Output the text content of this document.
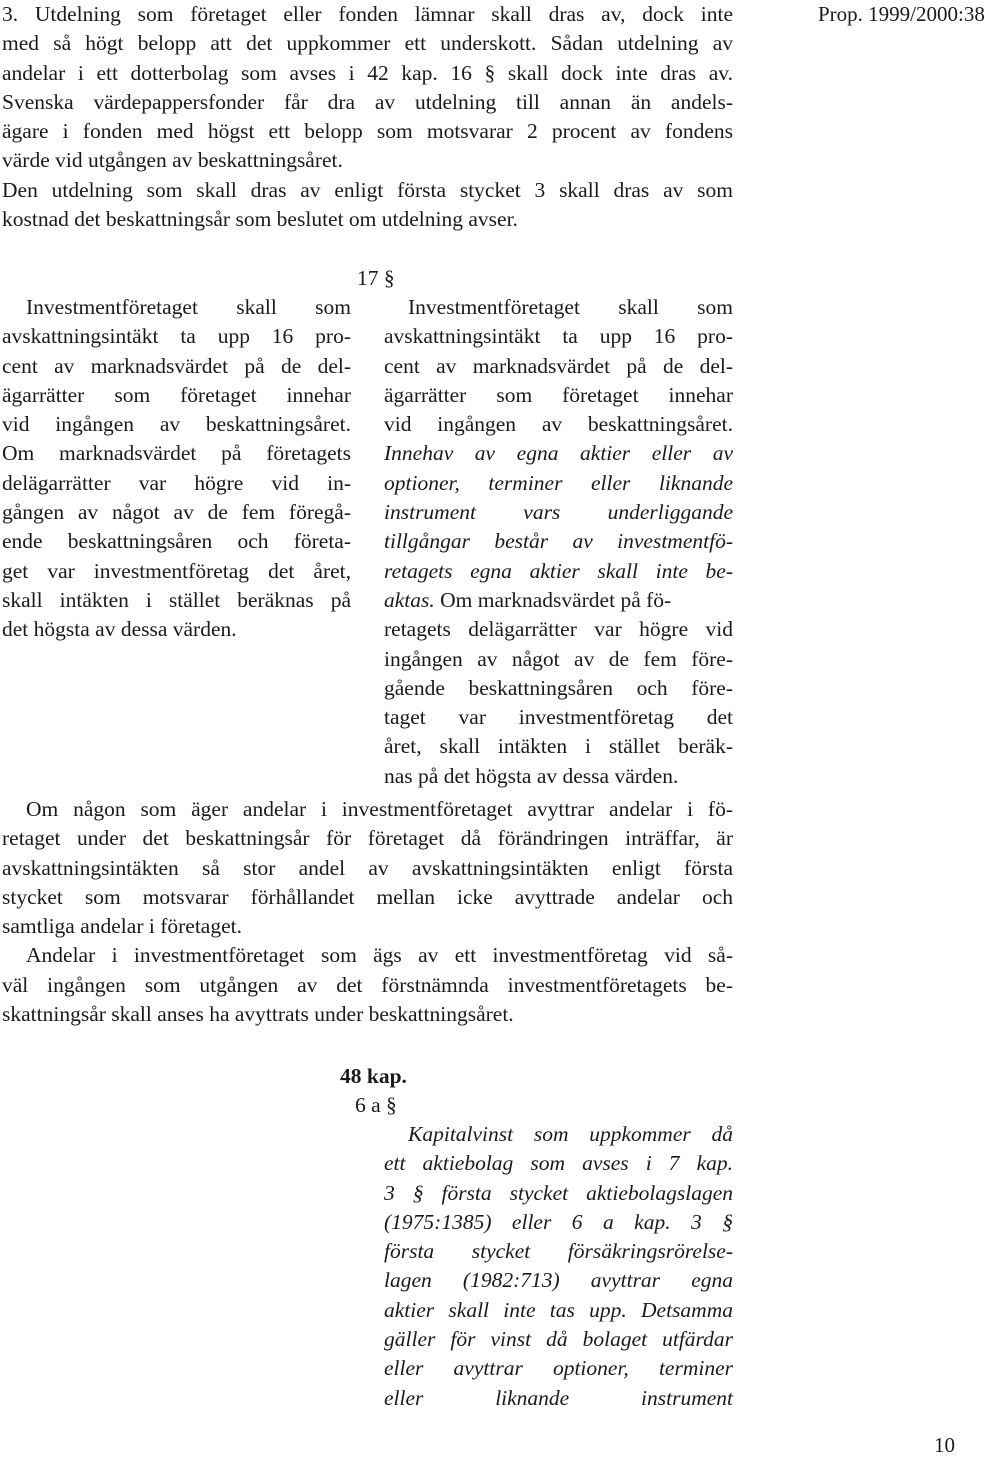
Prop. 1999/2000:38
3. Utdelning som företaget eller fonden lämnar skall dras av, dock inte
med så högt belopp att det uppkommer ett underskott. Sådan utdelning av
andelar i ett dotterbolag som avses i 42 kap. 16 § skall dock inte dras av.
Svenska värdepappersfonder får dra av utdelning till annan än andels-
ägare i fonden med högst ett belopp som motsvarar 2 procent av fondens
värde vid utgången av beskattningsåret.
Den utdelning som skall dras av enligt första stycket 3 skall dras av som
kostnad det beskattningsår som beslutet om utdelning avser.
17 §
Investmentföretaget skall som
avskattningsintäkt ta upp 16 pro-
cent av marknadsvärdet på de del-
ägarrätter som företaget innehar
vid ingången av beskattningsåret.
Om marknadsvärdet på företagets
delägarrätter var högre vid in-
gången av något av de fem föregå-
ende beskattningsåren och företa-
get var investmentföretag det året,
skall intäkten i stället beräknas på
det högsta av dessa värden.
Investmentföretaget skall som
avskattningsintäkt ta upp 16 pro-
cent av marknadsvärdet på de del-
ägarrätter som företaget innehar
vid ingången av beskattningsåret.
Innehav av egna aktier eller av
optioner, terminer eller liknande
instrument vars underliggande
tillgångar består av investmentfö-
retagets egna aktier skall inte be-
aktas. Om marknadsvärdet på fö-
retagets delägarrätter var högre vid
ingången av något av de fem före-
gående beskattningsåren och före-
taget var investmentföretag det
året, skall intäkten i stället beräk-
nas på det högsta av dessa värden.
Om någon som äger andelar i investmentföretaget avyttrar andelar i fö-
retaget under det beskattningsår för företaget då förändringen inträffar, är
avskattningsintäkten så stor andel av avskattningsintäkten enligt första
stycket som motsvarar förhållandet mellan icke avyttrade andelar och
samtliga andelar i företaget.
Andelar i investmentföretaget som ägs av ett investmentföretag vid så-
väl ingången som utgången av det förstnämnda investmentföretagets be-
skattningsår skall anses ha avyttrats under beskattningsåret.
48 kap.
6 a §
Kapitalvinst som uppkommer då
ett aktiebolag som avses i 7 kap.
3 § första stycket aktiebolagslagen
(1975:1385) eller 6 a kap. 3 §
första stycket försäkringsrörelse-
lagen (1982:713) avyttrar egna
aktier skall inte tas upp. Detsamma
gäller för vinst då bolaget utfärdar
eller avyttrar optioner, terminer
eller liknande instrument
10
